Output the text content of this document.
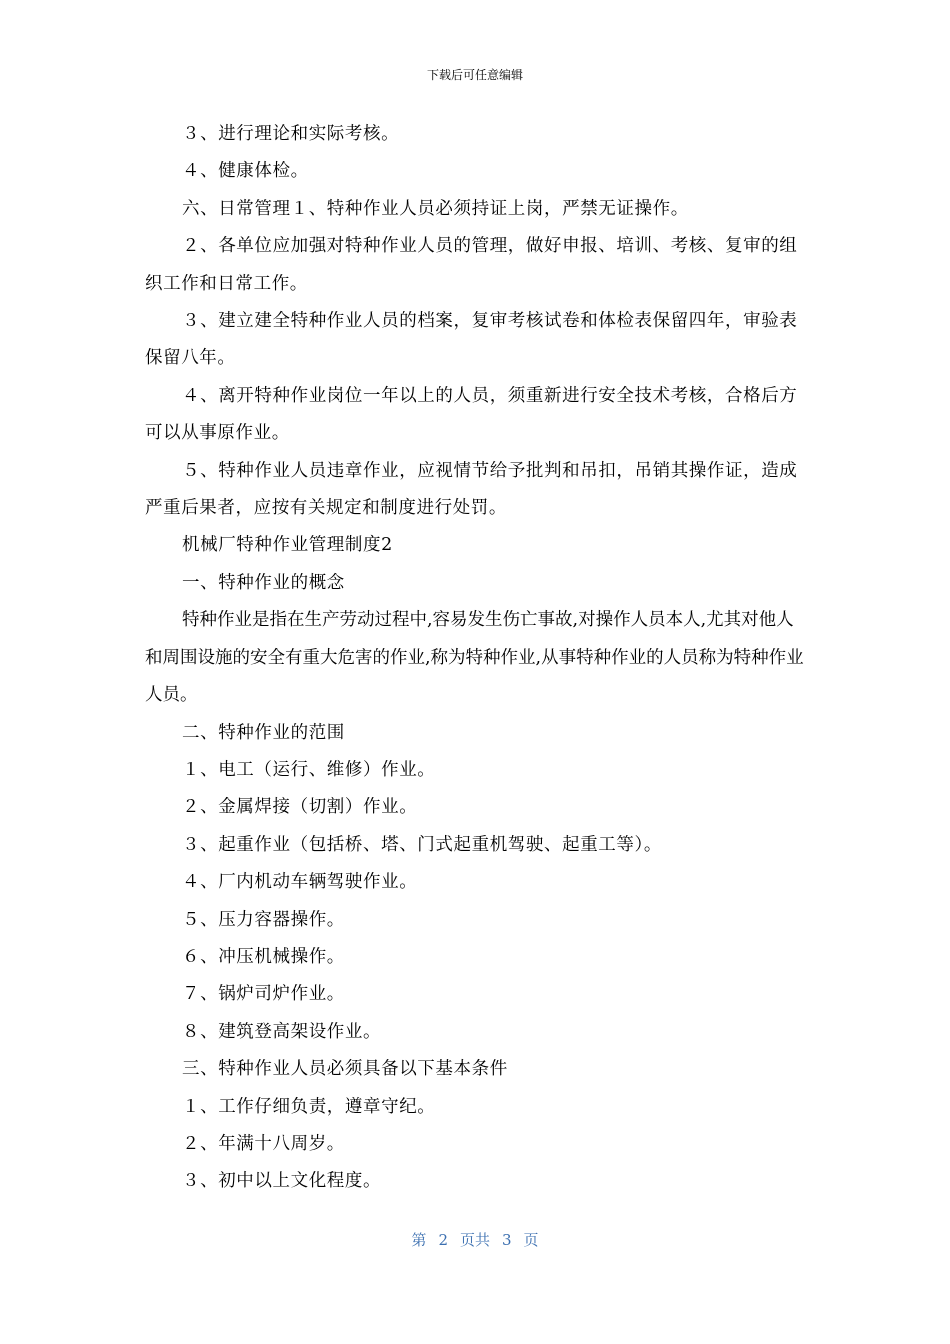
下载后可任意编辑

３、进行理论和实际考核。

４、健康体检。

六、日常管理１、特种作业人员必须持证上岗，严禁无证操作。

２、各单位应加强对特种作业人员的管理，做好申报、培训、考核、复审的组织工作和日常工作。

３、建立建全特种作业人员的档案，复审考核试卷和体检表保留四年，审验表保留八年。

４、离开特种作业岗位一年以上的人员，须重新进行安全技术考核，合格后方可以从事原作业。

５、特种作业人员违章作业，应视情节给予批判和吊扣，吊销其操作证，造成严重后果者，应按有关规定和制度进行处罚。

机械厂特种作业管理制度2

一、特种作业的概念

特种作业是指在生产劳动过程中,容易发生伤亡事故,对操作人员本人,尤其对他人和周围设施的安全有重大危害的作业,称为特种作业,从事特种作业的人员称为特种作业人员。

二、特种作业的范围

１、电工（运行、维修）作业。

２、金属焊接（切割）作业。

３、起重作业（包括桥、塔、门式起重机驾驶、起重工等）。

４、厂内机动车辆驾驶作业。

５、压力容器操作。

６、冲压机械操作。

７、锅炉司炉作业。

８、建筑登高架设作业。

三、特种作业人员必须具备以下基本条件

１、工作仔细负责，遵章守纪。

２、年满十八周岁。

３、初中以上文化程度。

第 2 页共 3 页
